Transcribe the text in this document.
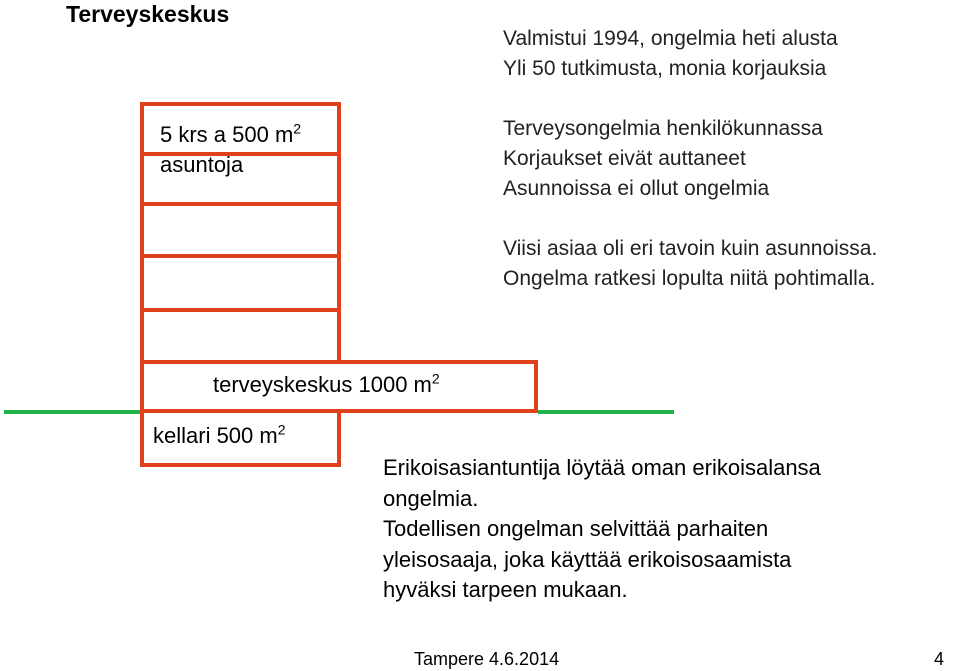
Terveyskeskus
Valmistui 1994, ongelmia heti alusta
Yli 50 tutkimusta, monia korjauksia
Terveysongelmia henkilökunnassa
Korjaukset eivät auttaneet
Asunnoissa ei ollut ongelmia
Viisi asiaa oli eri tavoin kuin asunnoissa.
Ongelma ratkesi lopulta niitä pohtimalla.
5 krs a 500 $m^2$
asuntoja
terveyskeskus 1000 $m^2$
kellari 500 $m^2$
Erikoisasiantuntija löytää oman erikoisalansa
ongelmia.
Todellisen ongelman selvittää parhaiten
yleisosaaja, joka käyttää erikoisosaamista
hyväksi tarpeen mukaan.
Tampere 4.6.2014	4
